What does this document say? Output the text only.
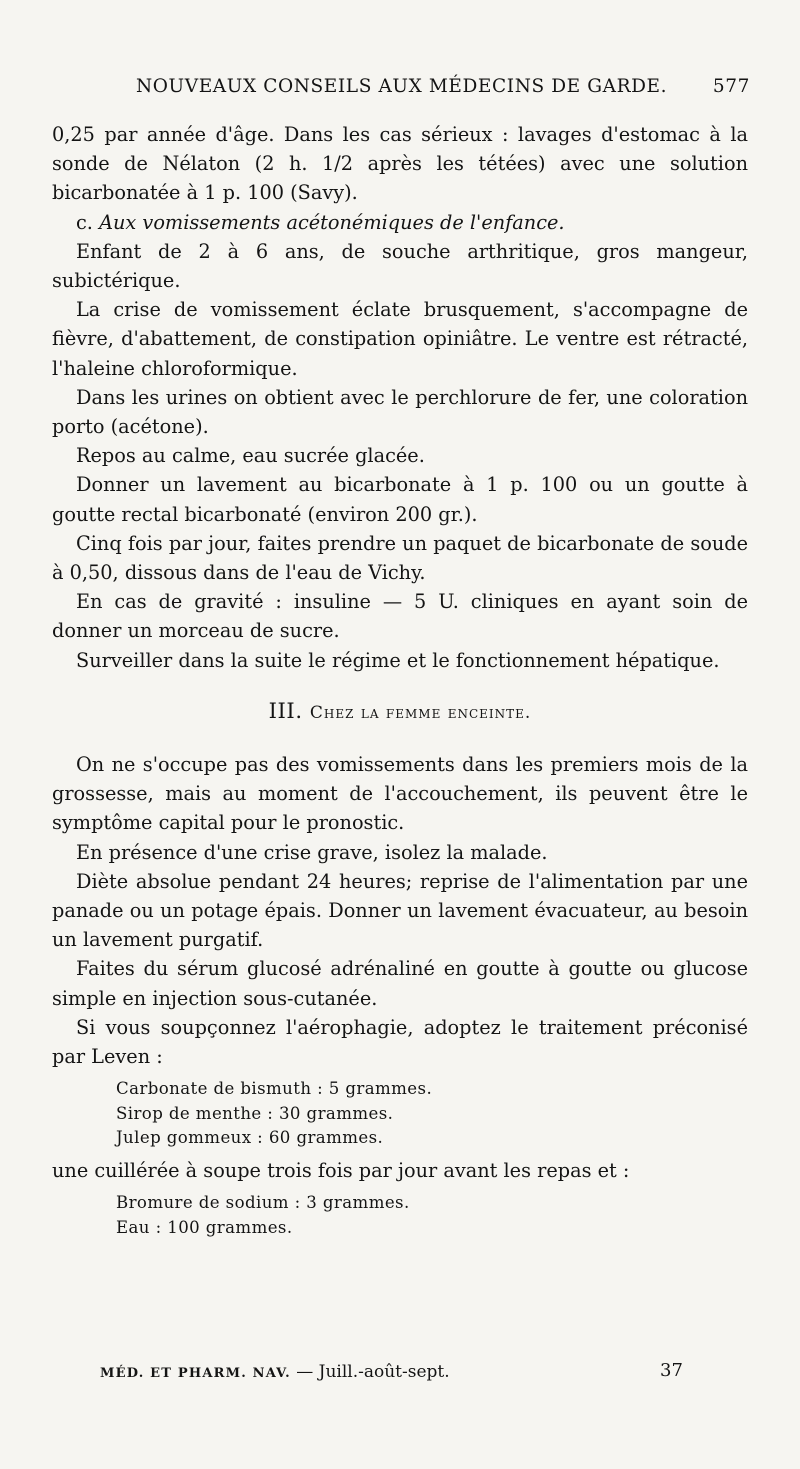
NOUVEAUX CONSEILS AUX MÉDECINS DE GARDE. 577

0,25 par année d'âge. Dans les cas sérieux : lavages d'estomac à la sonde de Nélaton (2 h. 1/2 après les tétées) avec une solution bicarbonatée à 1 p. 100 (Savy).

c. Aux vomissements acétonémiques de l'enfance.

Enfant de 2 à 6 ans, de souche arthritique, gros mangeur, subictérique.

La crise de vomissement éclate brusquement, s'accompagne de fièvre, d'abattement, de constipation opiniâtre. Le ventre est rétracté, l'haleine chloroformique.

Dans les urines on obtient avec le perchlorure de fer, une coloration porto (acétone).

Repos au calme, eau sucrée glacée.

Donner un lavement au bicarbonate à 1 p. 100 ou un goutte à goutte rectal bicarbonaté (environ 200 gr.).

Cinq fois par jour, faites prendre un paquet de bicarbonate de soude à 0,50, dissous dans de l'eau de Vichy.

En cas de gravité : insuline — 5 U. cliniques en ayant soin de donner un morceau de sucre.

Surveiller dans la suite le régime et le fonctionnement hépatique.

III. Chez la femme enceinte.

On ne s'occupe pas des vomissements dans les premiers mois de la grossesse, mais au moment de l'accouchement, ils peuvent être le symptôme capital pour le pronostic.

En présence d'une crise grave, isolez la malade.

Diète absolue pendant 24 heures; reprise de l'alimentation par une panade ou un potage épais. Donner un lavement évacuateur, au besoin un lavement purgatif.

Faites du sérum glucosé adrénaliné en goutte à goutte ou glucose simple en injection sous-cutanée.

Si vous soupçonnez l'aérophagie, adoptez le traitement préconisé par Leven :

Carbonate de bismuth : 5 grammes.
Sirop de menthe : 30 grammes.
Julep gommeux : 60 grammes.

une cuillérée à soupe trois fois par jour avant les repas et :

Bromure de sodium : 3 grammes.
Eau : 100 grammes.
MÉD. ET PHARM. NAV. — Juill.-août-sept.	37
